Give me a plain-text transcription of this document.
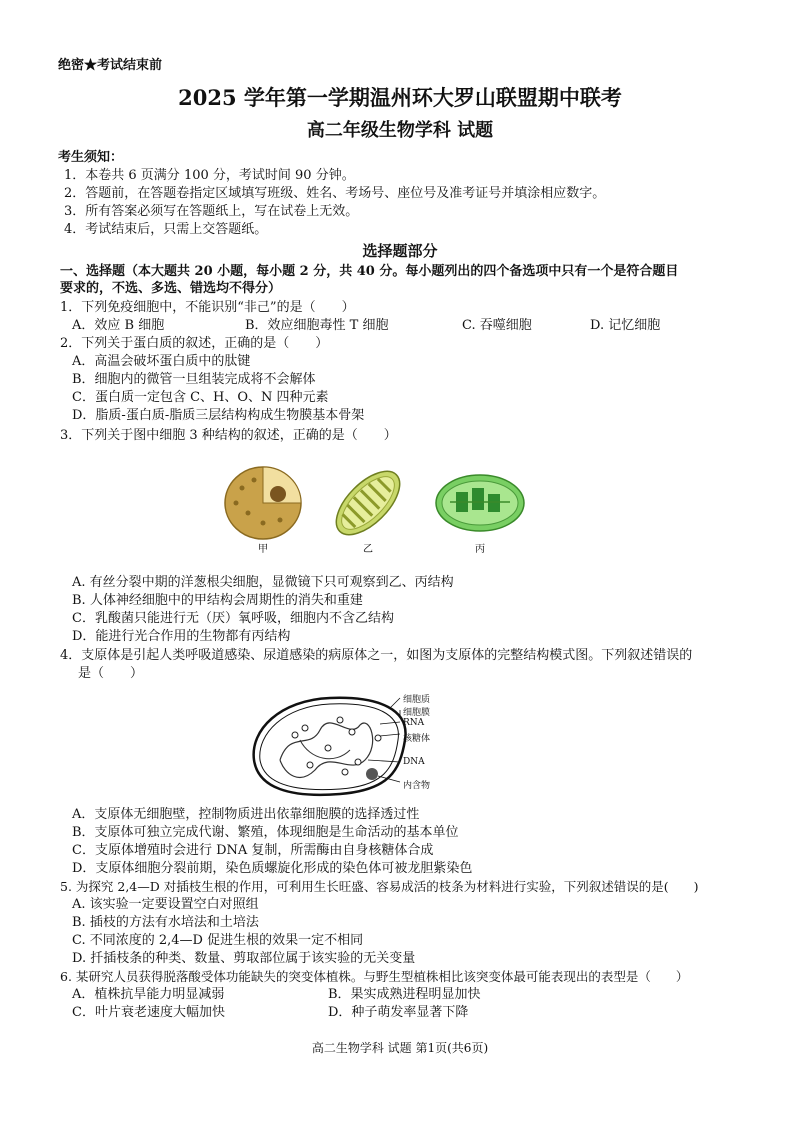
绝密★考试结束前
2025 学年第一学期温州环大罗山联盟期中联考
高二年级生物学科 试题
考生须知：
1．本卷共 6 页满分 100 分，考试时间 90 分钟。
2．答题前，在答题卷指定区域填写班级、姓名、考场号、座位号及准考证号并填涂相应数字。
3．所有答案必须写在答题纸上，写在试卷上无效。
4．考试结束后，只需上交答题纸。
选择题部分
一、选择题（本大题共 20 小题，每小题 2 分，共 40 分。每小题列出的四个备选项中只有一个是符合题目
要求的，不选、多选、错选均不得分）
1．下列免疫细胞中，不能识别“非己”的是（　　）
A．效应 B 细胞	B．效应细胞毒性 T 细胞	C. 吞噬细胞	D. 记忆细胞
2．下列关于蛋白质的叙述，正确的是（　　）
A．高温会破坏蛋白质中的肽键
B．细胞内的微管一旦组装完成将不会解体
C．蛋白质一定包含 C、H、O、N 四种元素
D．脂质-蛋白质-脂质三层结构构成生物膜基本骨架
3．下列关于图中细胞 3 种结构的叙述，正确的是（　　）
甲	乙	丙
A. 有丝分裂中期的洋葱根尖细胞，显微镜下只可观察到乙、丙结构
B. 人体神经细胞中的甲结构会周期性的消失和重建
C．乳酸菌只能进行无（厌）氧呼吸，细胞内不含乙结构
D．能进行光合作用的生物都有丙结构
4．支原体是引起人类呼吸道感染、尿道感染的病原体之一，如图为支原体的完整结构模式图。下列叙述错误的
是（　　）
细胞质
细胞膜
RNA
核糖体
DNA
内含物
A．支原体无细胞壁，控制物质进出依靠细胞膜的选择透过性
B．支原体可独立完成代谢、繁殖，体现细胞是生命活动的基本单位
C．支原体增殖时会进行 DNA 复制，所需酶由自身核糖体合成
D．支原体细胞分裂前期，染色质螺旋化形成的染色体可被龙胆紫染色
5. 为探究 2,4—D 对插枝生根的作用，可利用生长旺盛、容易成活的枝条为材料进行实验，下列叙述错误的是(　　)
A. 该实验一定要设置空白对照组
B. 插枝的方法有水培法和土培法
C. 不同浓度的 2,4—D 促进生根的效果一定不相同
D. 扦插枝条的种类、数量、剪取部位属于该实验的无关变量
6. 某研究人员获得脱落酸受体功能缺失的突变体植株。与野生型植株相比该突变体最可能表现出的表型是（　　）
A．植株抗旱能力明显减弱	B．果实成熟进程明显加快
C．叶片衰老速度大幅加快	D．种子萌发率显著下降
高二生物学科 试题 第1页(共6页)
